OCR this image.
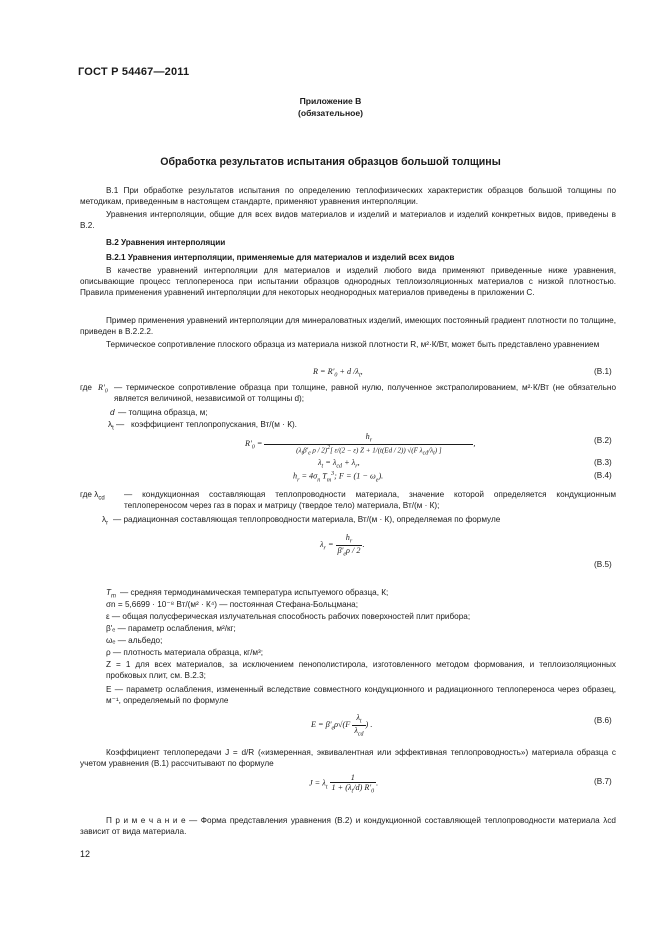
ГОСТ Р 54467—2011
Приложение В
(обязательное)
Обработка результатов испытания образцов большой толщины
В.1 При обработке результатов испытания по определению теплофизических характеристик образцов большой толщины по методикам, приведенным в настоящем стандарте, применяют уравнения интерполяции.
Уравнения интерполяции, общие для всех видов материалов и изделий и материалов и изделий конкретных видов, приведены в В.2.
В.2 Уравнения интерполяции
В.2.1 Уравнения интерполяции, применяемые для материалов и изделий всех видов
В качестве уравнений интерполяции для материалов и изделий любого вида применяют приведенные ниже уравнения, описывающие процесс теплопереноса при испытании образцов однородных теплоизоляционных материалов с низкой плотностью. Правила применения уравнений интерполяции для некоторых неоднородных материалов приведены в приложении С.
Пример применения уравнений интерполяции для минераловатных изделий, имеющих постоянный градиент плотности по толщине, приведен в В.2.2.2.
Термическое сопротивление плоского образца из материала низкой плотности R, м²·К/Вт, может быть представлено уравнением
$R = R'_0 + d$ $/\lambda_t$,	(В.1)
где $R'_0$ — термическое сопротивление образца при толщине, равной нулю, полученное экстраполированием, м²·К/Вт (не обязательно является величиной, независимой от толщины d);
d — толщина образца, м;
$\lambda_t$ — коэффициент теплопропускания, Вт/(м · К).
$R'_0 = \frac{h_r}{(\lambda_t\beta'_e \rho / 2)^2[ \varepsilon/(2 - \varepsilon) Z + 1/(t(Ed / 2)) √(F \lambda_{cd}/\lambda_t) ]}$ ,	(В.2)
$\lambda_t = \lambda_{cd} + \lambda_r$,	(В.3)
$h_r = 4\sigma_n$ $T_m^3$; $F = (1 - \omega_e)$.	(В.4)
где $\lambda_{cd}$ — кондукционная составляющая теплопроводности материала, значение которой определяется кондукционным теплопереносом через газ в порах и матрицу (твердое тело) материала, Вт/(м · К);
$\lambda_r$ — радиационная составляющая теплопроводности материала, Вт/(м · К), определяемая по формуле
$\lambda_r = \frac{h_r}{\beta'_e\rho / 2}$ .
(В.5)
$T_m$ — средняя термодинамическая температура испытуемого образца, К;
σn = 5,6699 · 10⁻⁸ Вт/(м² · К⁴) — постоянная Стефана-Больцмана;
ε — общая полусферическая излучательная способность рабочих поверхностей плит прибора;
β'ₑ — параметр ослабления, м²/кг;
ωₑ — альбедо;
ρ — плотность материала образца, кг/м³;
Z = 1 для всех материалов, за исключением пенополистирола, изготовленного методом формования, и теплоизоляционных пробковых плит, см. В.2.3;
E — параметр ослабления, измененный вследствие совместного кондукционного и радиационного теплопереноса через образец, м⁻¹, определяемый по формуле
$E = \beta'_e\rho√(F \frac{\lambda_t}{\lambda_{cd}}$ ) .	(В.6)
Коэффициент теплопередачи J = d/R («измеренная, эквивалентная или эффективная теплопроводность») материала образца с учетом уравнения (В.1) рассчитывают по формуле
$J = \lambda_t \frac{1}{1 + (\lambda_t/d) R'_0}$ .	(В.7)
П р и м е ч а н и е — Форма представления уравнения (В.2) и кондукционной составляющей теплопроводности материала λcd зависит от вида материала.
12
